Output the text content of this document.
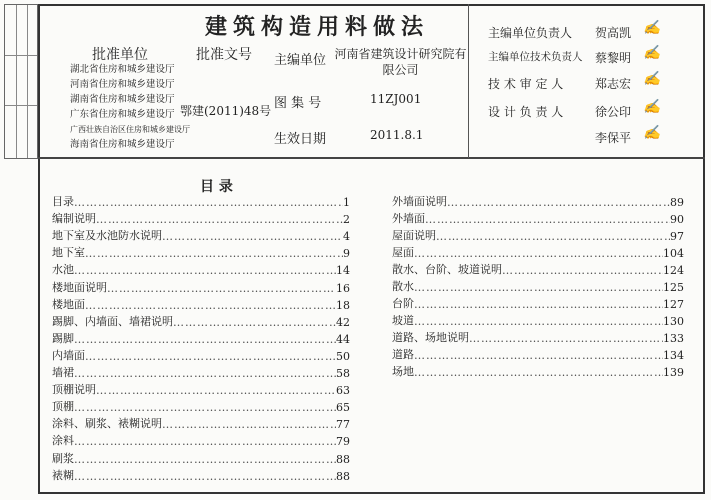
建筑构造用料做法
批准单位
湖北省住房和城乡建设厅
河南省住房和城乡建设厅
湖南省住房和城乡建设厅
广东省住房和城乡建设厅
广西壮族自治区住房和城乡建设厅
海南省住房和城乡建设厅
批准文号
鄂建(2011)48号
主编单位 河南省建筑设计研究院有限公司
图 集 号	11ZJ001
生效日期	2011.8.1
主编单位负责人 贺高凯 ✍
主编单位技术负责人 蔡黎明 ✍
技 术 审 定 人	郑志宏 ✍
设 计 负 责 人	徐公印 ✍
李保平 ✍
目 录
目录 ………………………………………………………………………………………………………………	1
编制说明 ………………………………………………………………………………………………………………	2
地下室及水池防水说明 ………………………………………………………………………………………………………………	4
地下室 ………………………………………………………………………………………………………………	9
水池 ………………………………………………………………………………………………………………	14
楼地面说明 ………………………………………………………………………………………………………………	16
楼地面 ………………………………………………………………………………………………………………	18
踢脚、内墙面、墙裙说明 ………………………………………………………………………………………………………………	42
踢脚 ………………………………………………………………………………………………………………	44
内墙面 ………………………………………………………………………………………………………………	50
墙裙 ………………………………………………………………………………………………………………	58
顶棚说明 ………………………………………………………………………………………………………………	63
顶棚 ………………………………………………………………………………………………………………	65
涂料、刷浆、裱糊说明 ………………………………………………………………………………………………………………	77
涂料 ………………………………………………………………………………………………………………	79
刷浆 ………………………………………………………………………………………………………………	88
裱糊 ………………………………………………………………………………………………………………	88
外墙面说明 ………………………………………………………………………………………………………………	89
外墙面 ………………………………………………………………………………………………………………	90
屋面说明 ………………………………………………………………………………………………………………	97
屋面 ………………………………………………………………………………………………………………	104
散水、台阶、坡道说明 ………………………………………………………………………………………………………………	124
散水 ………………………………………………………………………………………………………………	125
台阶 ………………………………………………………………………………………………………………	127
坡道 ………………………………………………………………………………………………………………	130
道路、场地说明 ………………………………………………………………………………………………………………	133
道路 ………………………………………………………………………………………………………………	134
场地 ………………………………………………………………………………………………………………	139
